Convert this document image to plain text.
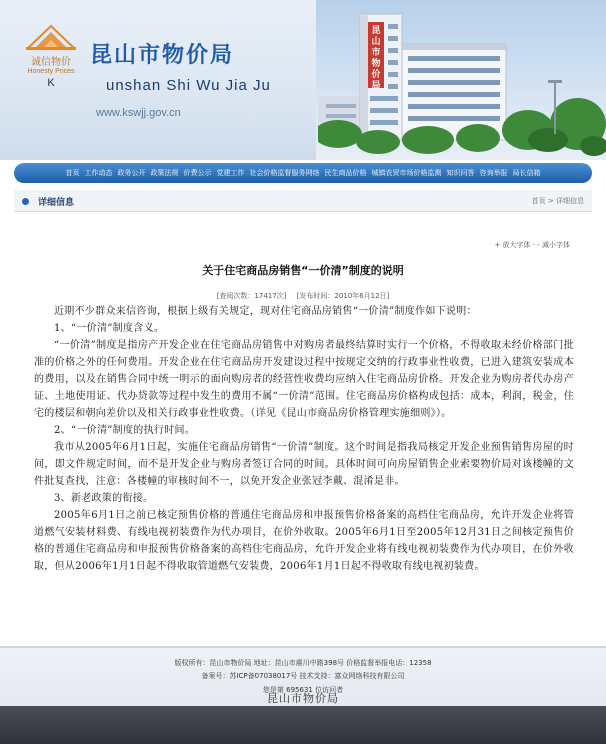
昆山市物价局
诚信物价
Honesty Prices
K
昆山市物价局
unshan Shi Wu Jia Ju
www.kswjj.gov.cn
首页 工作动态 政务公开 政策法规 价费公示 党建工作 社会价格监督服务网络 民生商品价格 城镇农贸市场价格监测 知识问答 咨询举报 局长信箱
详细信息	首页 > 详细信息
+ 放大字体 · - 减小字体
关于住宅商品房销售“一价清”制度的说明
[查阅次数：17417次] [发布时间：2010年6月12日]

近期不少群众来信咨询，根据上级有关规定，现对住宅商品房销售“一价清”制度作如下说明：

1、“一价清”制度含义。

“一价清”制度是指房产开发企业在住宅商品房销售中对购房者最终结算时实行一个价格，不得收取未经价格部门批准的价格之外的任何费用。开发企业在住宅商品房开发建设过程中按规定交纳的行政事业性收费，已进入建筑安装成本的费用，以及在销售合同中统一明示的面向购房者的经营性收费均应纳入住宅商品房价格。开发企业为购房者代办房产证、土地使用证、代办贷款等过程中发生的费用不属“一价清”范围。住宅商品房价格构成包括：成本，利润，税金，住宅的楼层和朝向差价以及相关行政事业性收费。（详见《昆山市商品房价格管理实施细则》）。

2、“一价清”制度的执行时间。

我市从2005年6月1日起，实施住宅商品房销售“一价清”制度。这个时间是指我局核定开发企业预售销售房屋的时间，即文件规定时间，而不是开发企业与购房者签订合同的时间。具体时间可向房屋销售企业索要物价局对该楼幢的文件批复查找，注意：各楼幢的审核时间不一，以免开发企业张冠李戴、混淆是非。

3、新老政策的衔接。

2005年6月1日之前已核定预售价格的普通住宅商品房和申报预售价格备案的高档住宅商品房，允许开发企业将管道燃气安装材料费、有线电视初装费作为代办项目，在价外收取。2005年6月1日至2005年12月31日之间核定预售价格的普通住宅商品房和申报预售价格备案的高档住宅商品房，允许开发企业将有线电视初装费作为代办项目，在价外收取，但从2006年1月1日起不得收取管道燃气安装费，2006年1月1日起不得收取有线电视初装费。

版权所有：昆山市物价局 地址：昆山市震川中路398号 价格监督举报电话：12358
备案号：苏ICP备07038017号 技术支持：富众网络科技有限公司
您是第 695631 位访问者
昆山市物价局
